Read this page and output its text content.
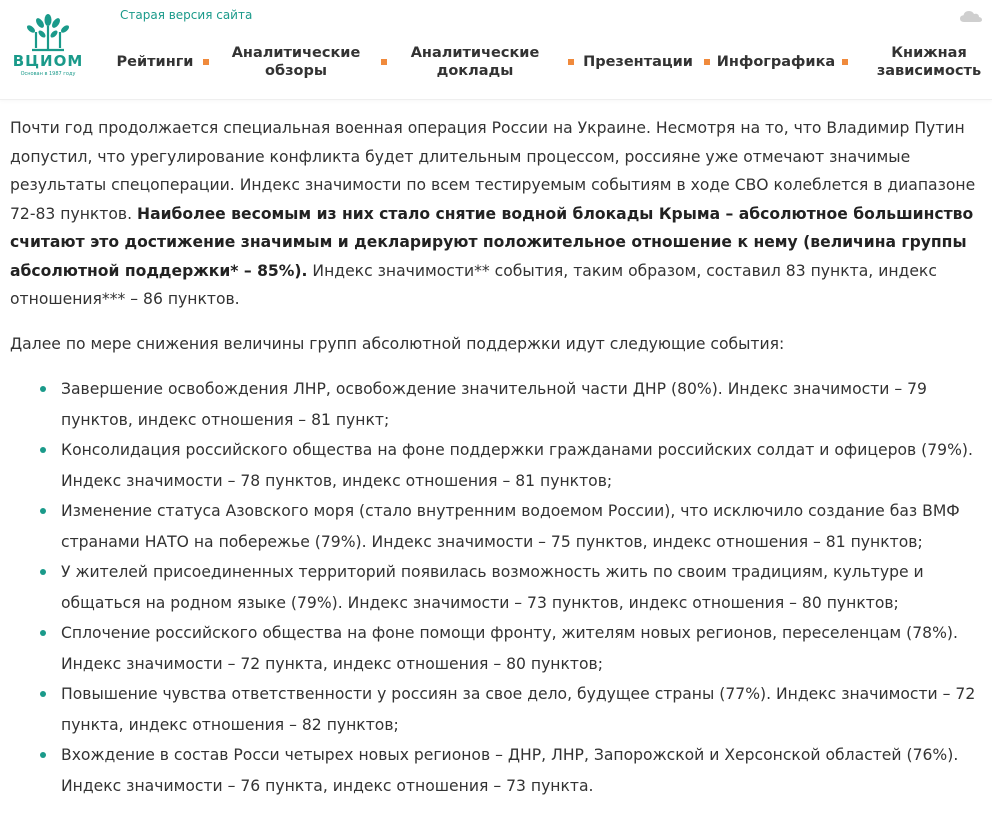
ВЦИОМ
Основан в 1987 году
Старая версия сайта
Рейтинги
Аналитические обзоры
Аналитические доклады
Презентации Инфографика
Книжная зависимость

Почти год продолжается специальная военная операция России на Украине. Несмотря на то, что Владимир Путин допустил, что урегулирование конфликта будет длительным процессом, россияне уже отмечают значимые результаты спецоперации. Индекс значимости по всем тестируемым событиям в ходе СВО колеблется в диапазоне 72-83 пунктов. Наиболее весомым из них стало снятие водной блокады Крыма – абсолютное большинство считают это достижение значимым и декларируют положительное отношение к нему (величина группы абсолютной поддержки* – 85%). Индекс значимости** события, таким образом, составил 83 пункта, индекс отношения*** – 86 пунктов.

Далее по мере снижения величины групп абсолютной поддержки идут следующие события:

Завершение освобождения ЛНР, освобождение значительной части ДНР (80%). Индекс значимости – 79 пунктов, индекс отношения – 81 пункт;
Консолидация российского общества на фоне поддержки гражданами российских солдат и офицеров (79%). Индекс значимости – 78 пунктов, индекс отношения – 81 пунктов;
Изменение статуса Азовского моря (стало внутренним водоемом России), что исключило создание баз ВМФ странами НАТО на побережье (79%). Индекс значимости – 75 пунктов, индекс отношения – 81 пунктов;
У жителей присоединенных территорий появилась возможность жить по своим традициям, культуре и общаться на родном языке (79%). Индекс значимости – 73 пунктов, индекс отношения – 80 пунктов;
Сплочение российского общества на фоне помощи фронту, жителям новых регионов, переселенцам (78%). Индекс значимости – 72 пункта, индекс отношения – 80 пунктов;
Повышение чувства ответственности у россиян за свое дело, будущее страны (77%). Индекс значимости – 72 пункта, индекс отношения – 82 пунктов;
Вхождение в состав Росси четырех новых регионов – ДНР, ЛНР, Запорожской и Херсонской областей (76%). Индекс значимости – 76 пункта, индекс отношения – 73 пункта.
